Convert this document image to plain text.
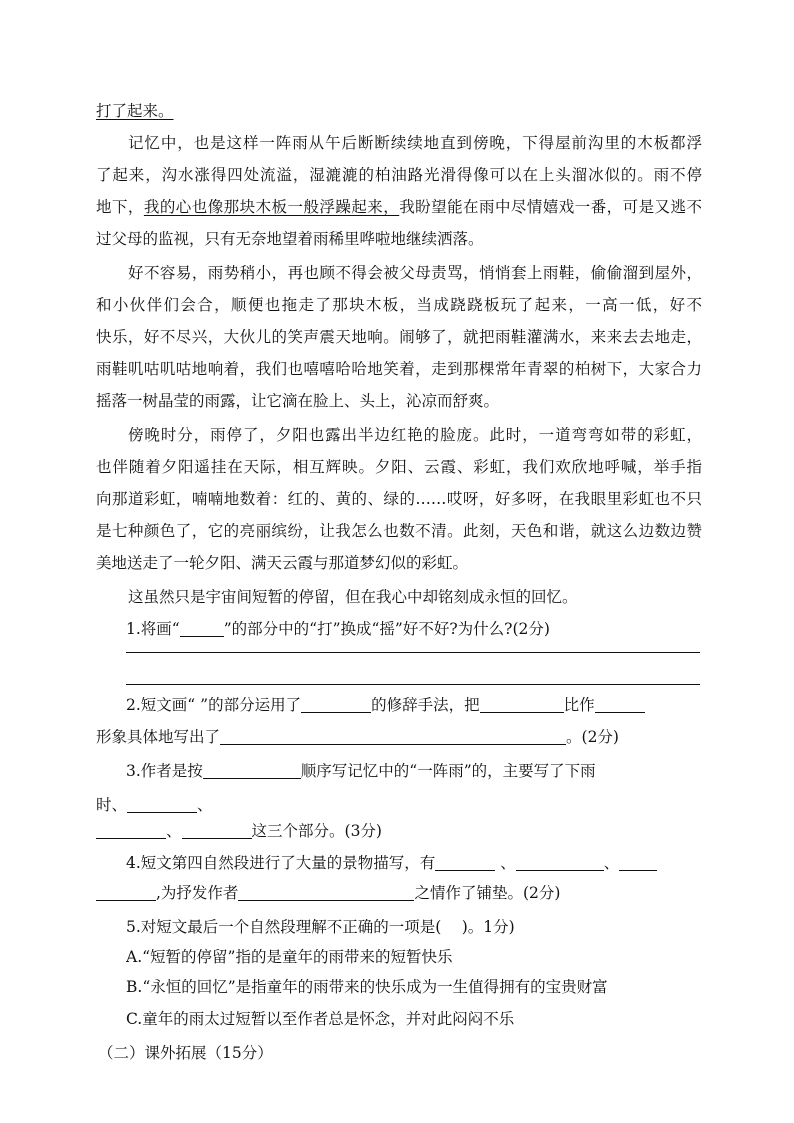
打了起来。
记忆中，也是这样一阵雨从午后断断续续地直到傍晚，下得屋前沟里的木板都浮
了起来，沟水涨得四处流溢，湿漉漉的柏油路光滑得像可以在上头溜冰似的。雨不停
地下，我的心也像那块木板一般浮躁起来，我盼望能在雨中尽情嬉戏一番，可是又逃不
过父母的监视，只有无奈地望着雨稀里哗啦地继续洒落。
好不容易，雨势稍小，再也顾不得会被父母责骂，悄悄套上雨鞋，偷偷溜到屋外，
和小伙伴们会合，顺便也拖走了那块木板，当成跷跷板玩了起来，一高一低，好不
快乐，好不尽兴，大伙儿的笑声震天地响。闹够了，就把雨鞋灌满水，来来去去地走，
雨鞋叽咕叽咕地响着，我们也嘻嘻哈哈地笑着，走到那棵常年青翠的柏树下，大家合力
摇落一树晶莹的雨露，让它滴在脸上、头上，沁凉而舒爽。
傍晚时分，雨停了，夕阳也露出半边红艳的脸庞。此时，一道弯弯如带的彩虹，
也伴随着夕阳遥挂在天际，相互辉映。夕阳、云霞、彩虹，我们欢欣地呼喊，举手指
向那道彩虹，喃喃地数着：红的、黄的、绿的……哎呀，好多呀，在我眼里彩虹也不只
是七种颜色了，它的亮丽缤纷，让我怎么也数不清。此刻，天色和谐，就这么边数边赞
美地送走了一轮夕阳、满天云霞与那道梦幻似的彩虹。
这虽然只是宇宙间短暂的停留，但在我心中却铭刻成永恒的回忆。
1.将画“	”的部分中的“打”换成“摇”好不好?为什么?(2分)
2.短文画“ ”的部分运用了	的修辞手法，把	比作
形象具体地写出了	。(2分)
3.作者是按	顺序写记忆中的“一阵雨”的，主要写了下雨
时、	、
、	这三个部分。(3分)
4.短文第四自然段进行了大量的景物描写，有	、	、
,为抒发作者	之情作了铺垫。(2分)
5.对短文最后一个自然段理解不正确的一项是(　 )。1分)
A.“短暂的停留”指的是童年的雨带来的短暂快乐
B.“永恒的回忆”是指童年的雨带来的快乐成为一生值得拥有的宝贵财富
C.童年的雨太过短暂以至作者总是怀念，并对此闷闷不乐
（二）课外拓展（15分）
